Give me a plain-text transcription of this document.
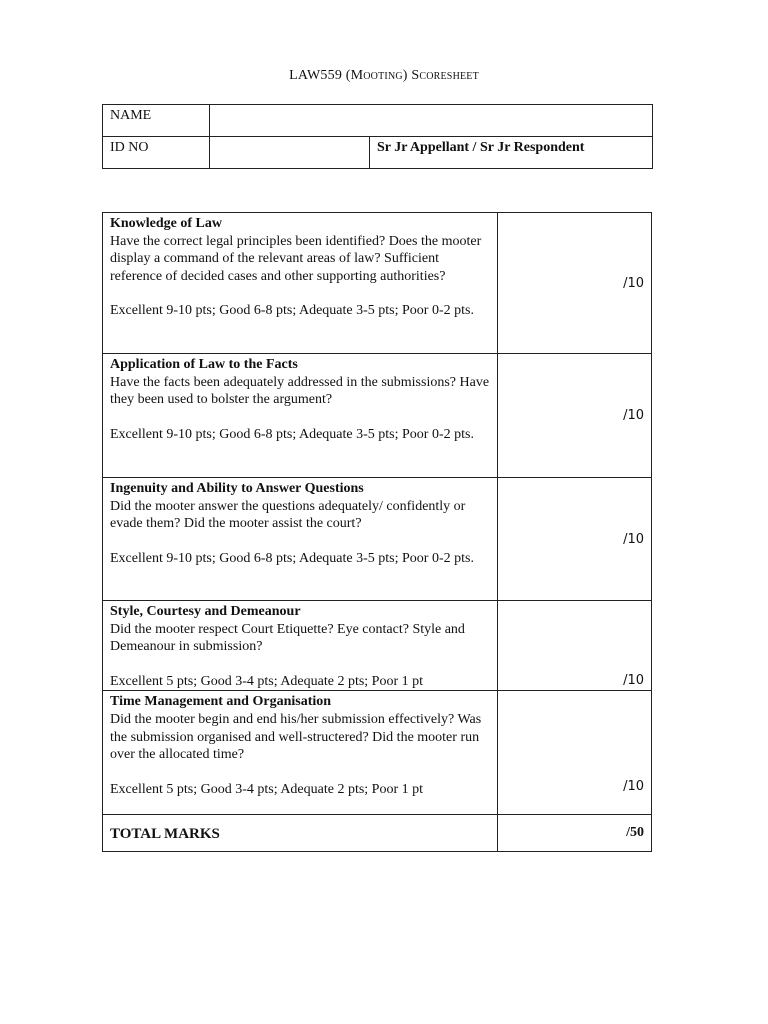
LAW559 (Mooting) Scoresheet
NAME		
ID NO		Sr Jr Appellant / Sr Jr Respondent
Knowledge of Law
Have the correct legal principles been identified? Does the mooter display a command of the relevant areas of law? Sufficient reference of decided cases and other supporting authorities?
Excellent 9-10 pts; Good 6-8 pts; Adequate 3-5 pts; Poor 0-2 pts.	/10

Application of Law to the Facts
Have the facts been adequately addressed in the submissions? Have they been used to bolster the argument?
Excellent 9-10 pts; Good 6-8 pts; Adequate 3-5 pts; Poor 0-2 pts.	/10

Ingenuity and Ability to Answer Questions
Did the mooter answer the questions adequately/ confidently or evade them? Did the mooter assist the court?
Excellent 9-10 pts; Good 6-8 pts; Adequate 3-5 pts; Poor 0-2 pts.	/10

Style, Courtesy and Demeanour
Did the mooter respect Court Etiquette? Eye contact? Style and Demeanour in submission?
Excellent 5 pts; Good 3-4 pts; Adequate 2 pts; Poor 1 pt	/10

Time Management and Organisation
Did the mooter begin and end his/her submission effectively? Was the submission organised and well-structered? Did the mooter run over the allocated time?
Excellent 5 pts; Good 3-4 pts; Adequate 2 pts; Poor 1 pt	/10
TOTAL MARKS	/50
